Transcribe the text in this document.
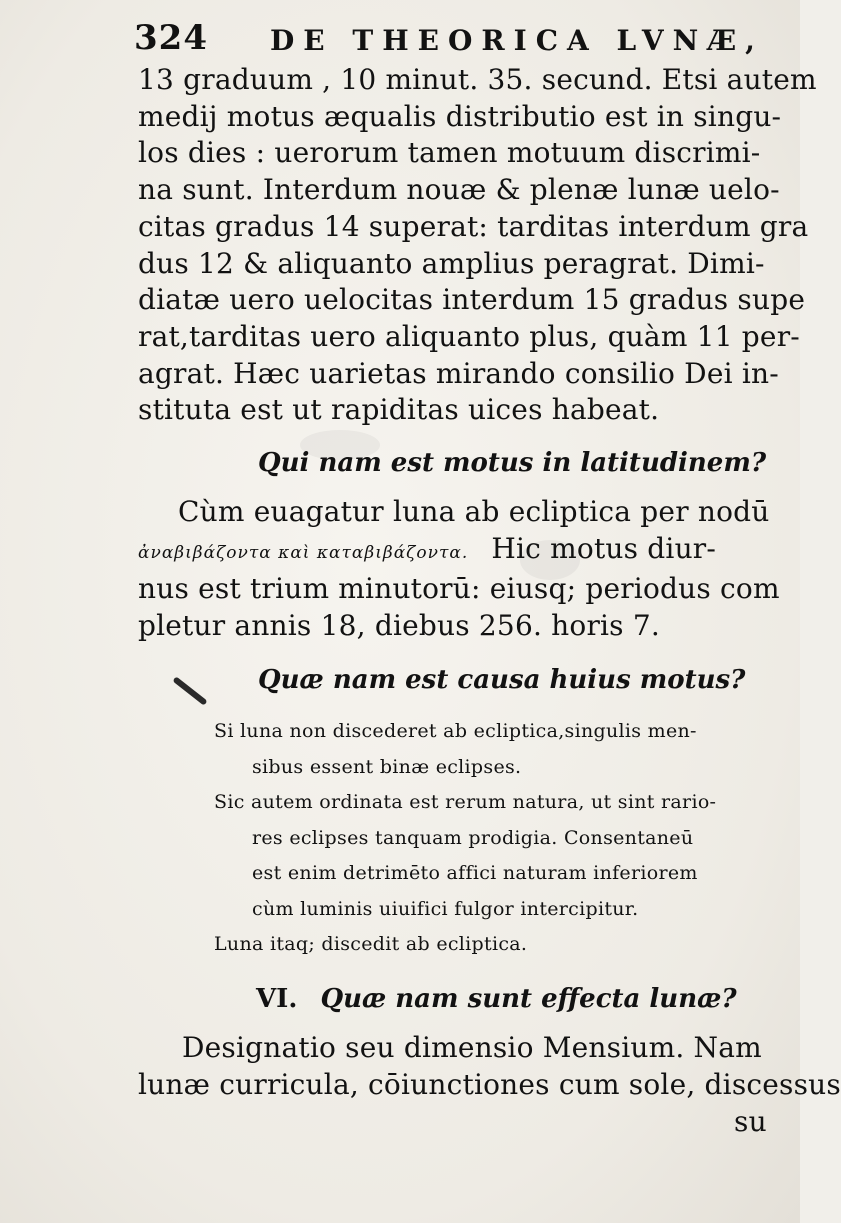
324 DE THEORICA LVNÆ,
13 graduum , 10 minut. 35. secund. Etsi autem
medij motus æqualis distributio est in singu-
los dies : uerorum tamen motuum discrimi-
na sunt. Interdum nouæ & plenæ lunæ uelo-
citas gradus 14 superat: tarditas interdum gra
dus 12 & aliquanto amplius peragrat. Dimi-
diatæ uero uelocitas interdum 15 gradus supe
rat,tarditas uero aliquanto plus, quàm 11 per-
agrat. Hæc uarietas mirando consilio Dei in-
stituta est ut rapiditas uices habeat.
Qui nam est motus in latitudinem?
Cùm euagatur luna ab ecliptica per nodū
ἀναβιβάζοντα καὶ καταβιβάζοντα. Hic motus diur-
nus est trium minutorū: eiusq; periodus com
pletur annis 18, diebus 256. horis 7.
Quæ nam est causa huius motus?
Si luna non discederet ab ecliptica,singulis men-
sibus essent binæ eclipses.
Sic autem ordinata est rerum natura, ut sint rario-
res eclipses tanquam prodigia. Consentaneū
est enim detrimēto affici naturam inferiorem
cùm luminis uiuifici fulgor intercipitur.
Luna itaq; discedit ab ecliptica.
VI. Quæ nam sunt effecta lunæ?
Designatio seu dimensio Mensium. Nam
lunæ curricula, cōiunctiones cum sole, discessus
su
